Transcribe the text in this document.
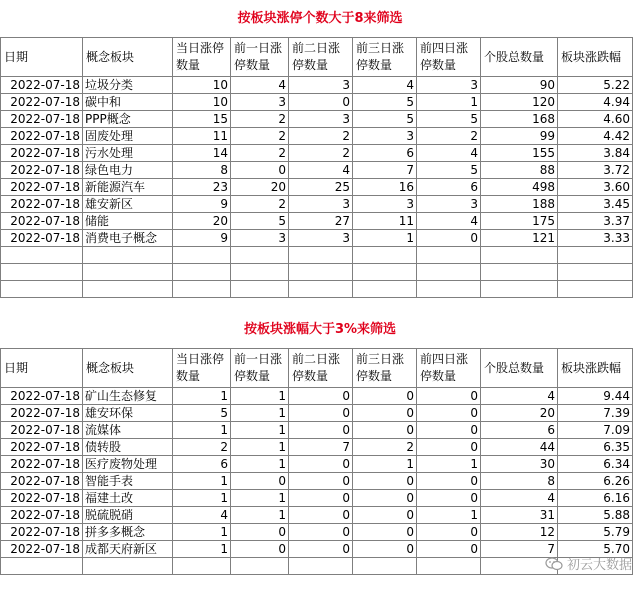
按板块涨停个数大于8来筛选
日期	概念板块	当日涨停数量	前一日涨停数量	前二日涨停数量	前三日涨停数量	前四日涨停数量	个股总数量	板块涨跌幅
2022-07-18	垃圾分类	10	4	3	4	3	90	5.22
2022-07-18	碳中和	10	3	0	5	1	120	4.94
2022-07-18	PPP概念	15	2	3	5	5	168	4.60
2022-07-18	固废处理	11	2	2	3	2	99	4.42
2022-07-18	污水处理	14	2	2	6	4	155	3.84
2022-07-18	绿色电力	8	0	4	7	5	88	3.72
2022-07-18	新能源汽车	23	20	25	16	6	498	3.60
2022-07-18	雄安新区	9	2	3	3	3	188	3.45
2022-07-18	储能	20	5	27	11	4	175	3.37
2022-07-18	消费电子概念	9	3	3	1	0	121	3.33

按板块涨幅大于3%来筛选
日期	概念板块	当日涨停数量	前一日涨停数量	前二日涨停数量	前三日涨停数量	前四日涨停数量	个股总数量	板块涨跌幅
2022-07-18	矿山生态修复	1	1	0	0	0	4	9.44
2022-07-18	雄安环保	5	1	0	0	0	20	7.39
2022-07-18	流媒体	1	1	0	0	0	6	7.09
2022-07-18	债转股	2	1	7	2	0	44	6.35
2022-07-18	医疗废物处理	6	1	0	1	1	30	6.34
2022-07-18	智能手表	1	0	0	0	0	8	6.26
2022-07-18	福建土改	1	1	0	0	0	4	6.16
2022-07-18	脱硫脱硝	4	1	0	0	1	31	5.88
2022-07-18	拼多多概念	1	0	0	0	0	12	5.79
2022-07-18	成都天府新区	1	0	0	0	0	7	5.70

初云大数据
